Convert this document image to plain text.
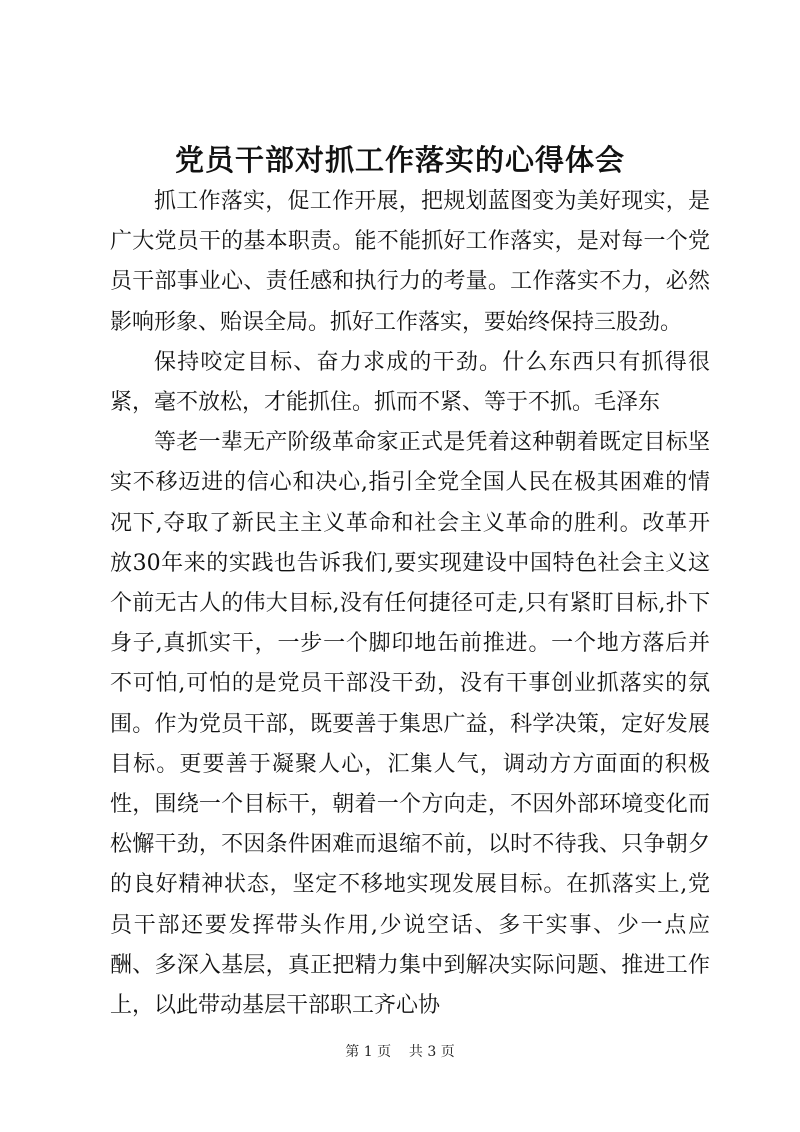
党员干部对抓工作落实的心得体会

抓工作落实，促工作开展，把规划蓝图变为美好现实，是广大党员干的基本职责。能不能抓好工作落实，是对每一个党员干部事业心、责任感和执行力的考量。工作落实不力，必然影响形象、贻误全局。抓好工作落实，要始终保持三股劲。

保持咬定目标、奋力求成的干劲。什么东西只有抓得很紧，毫不放松，才能抓住。抓而不紧、等于不抓。毛泽东

等老一辈无产阶级革命家正式是凭着这种朝着既定目标坚实不移迈进的信心和决心,指引全党全国人民在极其困难的情况下,夺取了新民主主义革命和社会主义革命的胜利。改革开放30年来的实践也告诉我们,要实现建设中国特色社会主义这个前无古人的伟大目标,没有任何捷径可走,只有紧盯目标,扑下身子,真抓实干，一步一个脚印地缶前推进。一个地方落后并不可怕,可怕的是党员干部没干劲，没有干事创业抓落实的氛围。作为党员干部，既要善于集思广益，科学决策，定好发展目标。更要善于凝聚人心，汇集人气，调动方方面面的积极性，围绕一个目标干，朝着一个方向走，不因外部环境变化而松懈干劲，不因条件困难而退缩不前，以时不待我、只争朝夕的良好精神状态，坚定不移地实现发展目标。在抓落实上,党员干部还要发挥带头作用,少说空话、多干实事、少一点应酬、多深入基层，真正把精力集中到解决实际问题、推进工作上，以此带动基层干部职工齐心协

第 1 页 共 3 页
